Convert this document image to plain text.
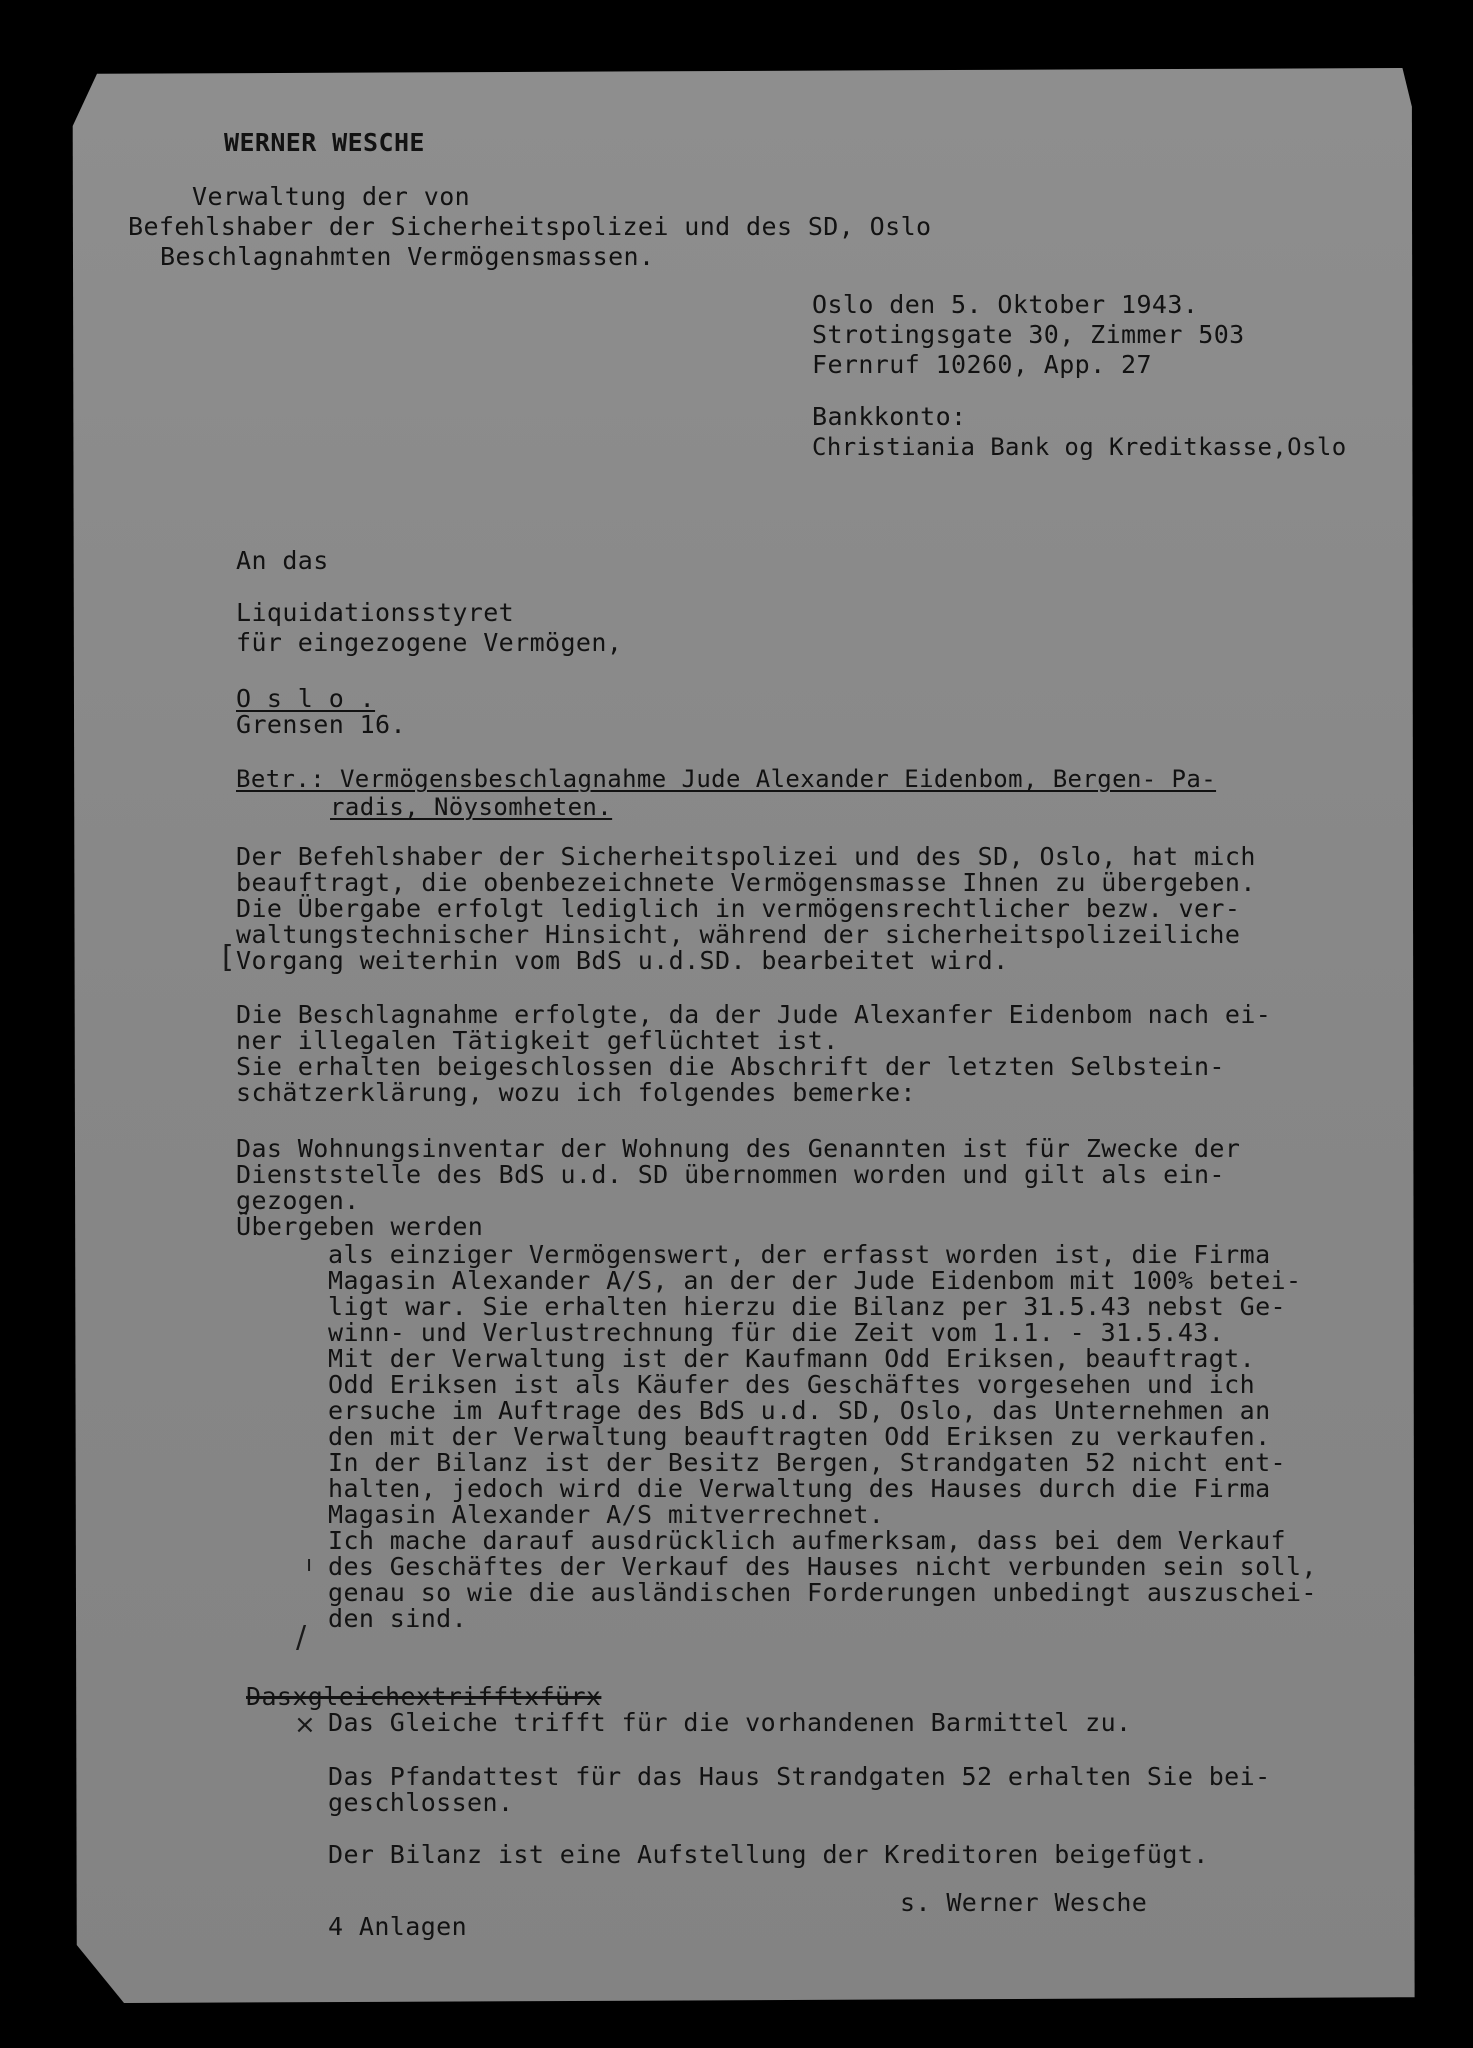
WERNER WESCHE
Verwaltung der von
Befehlshaber der Sicherheitspolizei und des SD, Oslo
Beschlagnahmten Vermögensmassen.
Oslo den 5. Oktober 1943.
Strotingsgate 30, Zimmer 503
Fernruf 10260, App. 27
Bankkonto:
Christiania Bank og Kreditkasse,Oslo
An das
Liquidationsstyret
für eingezogene Vermögen,
O s l o .
Grensen 16.
Betr.: Vermögensbeschlagnahme Jude Alexander Eidenbom, Bergen- Pa-
radis, Nöysomheten.
Der Befehlshaber der Sicherheitspolizei und des SD, Oslo, hat mich
beauftragt, die obenbezeichnete Vermögensmasse Ihnen zu übergeben.
Die Übergabe erfolgt lediglich in vermögensrechtlicher bezw. ver-
waltungstechnischer Hinsicht, während der sicherheitspolizeiliche
Vorgang weiterhin vom BdS u.d.SD. bearbeitet wird.
Die Beschlagnahme erfolgte, da der Jude Alexanfer Eidenbom nach ei-
ner illegalen Tätigkeit geflüchtet ist.
Sie erhalten beigeschlossen die Abschrift der letzten Selbstein-
schätzerklärung, wozu ich folgendes bemerke:
Das Wohnungsinventar der Wohnung des Genannten ist für Zwecke der
Dienststelle des BdS u.d. SD übernommen worden und gilt als ein-
gezogen.
Übergeben werden
als einziger Vermögenswert, der erfasst worden ist, die Firma
Magasin Alexander A/S, an der der Jude Eidenbom mit 100% betei-
ligt war. Sie erhalten hierzu die Bilanz per 31.5.43 nebst Ge-
winn- und Verlustrechnung für die Zeit vom 1.1. - 31.5.43.
Mit der Verwaltung ist der Kaufmann Odd Eriksen, beauftragt.
Odd Eriksen ist als Käufer des Geschäftes vorgesehen und ich
ersuche im Auftrage des BdS u.d. SD, Oslo, das Unternehmen an
den mit der Verwaltung beauftragten Odd Eriksen zu verkaufen.
In der Bilanz ist der Besitz Bergen, Strandgaten 52 nicht ent-
halten, jedoch wird die Verwaltung des Hauses durch die Firma
Magasin Alexander A/S mitverrechnet.
Ich mache darauf ausdrücklich aufmerksam, dass bei dem Verkauf
des Geschäftes der Verkauf des Hauses nicht verbunden sein soll,
genau so wie die ausländischen Forderungen unbedingt auszuschei-
den sind.
Dasxgleichextrifftxfürx
× Das Gleiche trifft für die vorhandenen Barmittel zu.
Das Pfandattest für das Haus Strandgaten 52 erhalten Sie bei-
geschlossen.
Der Bilanz ist eine Aufstellung der Kreditoren beigefügt.
s. Werner Wesche
4 Anlagen
[
/
ı
